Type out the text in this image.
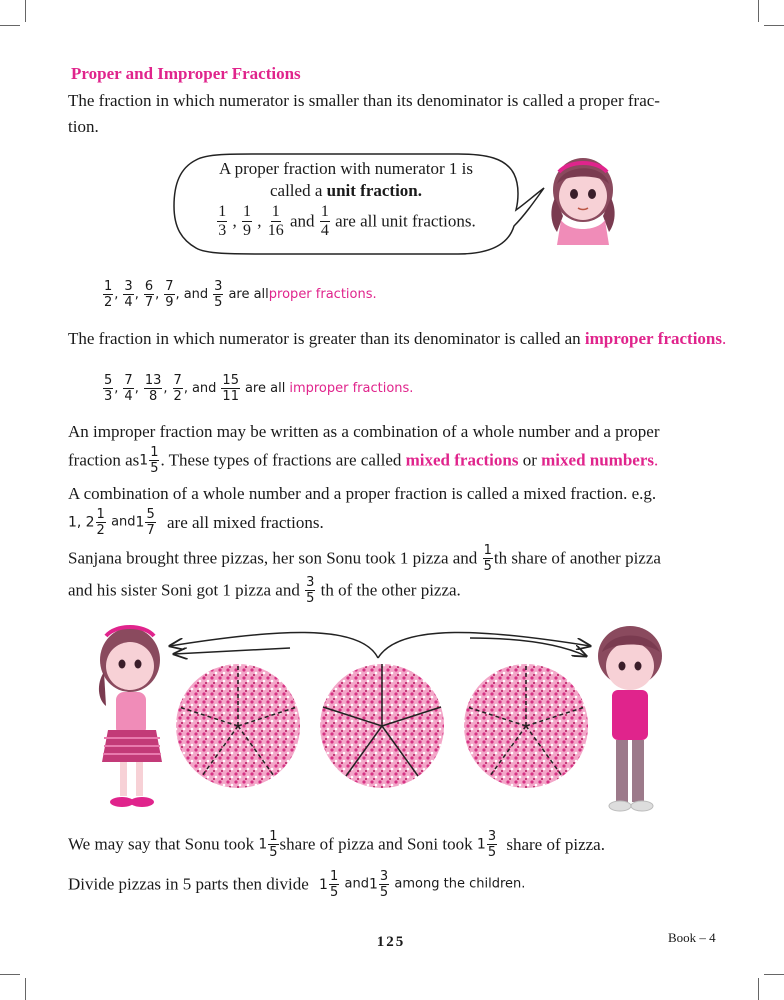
Proper and Improper Fractions
The fraction in which numerator is smaller than its denominator is called a proper frac-
tion.
A proper fraction with numerator 1 is
called a unit fraction.
$\frac{1}{3}$ , $\frac{1}{9}$ , $\frac{1}{16}$ and $\frac{1}{4}$ are all unit fractions.
$\frac{1}{2}$ , $\frac{3}{4}$ , $\frac{6}{7}$ , $\frac{7}{9}$ , and $\frac{3}{5}$ are allproper fractions.
The fraction in which numerator is greater than its denominator is called an improper fractions.
$\frac{5}{3}$ , $\frac{7}{4}$ , $\frac{13}{8}$ , $\frac{7}{2}$ , and $\frac{15}{11}$ are all improper fractions.
An improper fraction may be written as a combination of a whole number and a proper
fraction $as1 \frac{1}{5}$ . These types of fractions are called mixed fractions or mixed numbers.
A combination of a whole number and a proper fraction is called a mixed fraction. e.g.
1, $2 \frac{1}{2} and1 \frac{5}{7}$ are all mixed fractions.
Sanjana brought three pizzas, her son Sonu took 1 pizza and $\frac{1}{5}$ th share of another pizza
and his sister Soni got 1 pizza and $\frac{3}{5}$ th of the other pizza.
We may say that Sonu took $1 \frac{1}{5}$ share of pizza and Soni took $1 \frac{3}{5}$ share of pizza.
Divide pizzas in 5 parts then divide $1 \frac{1}{5} and1 \frac{3}{5}$ among the children.
125	Book – 4
